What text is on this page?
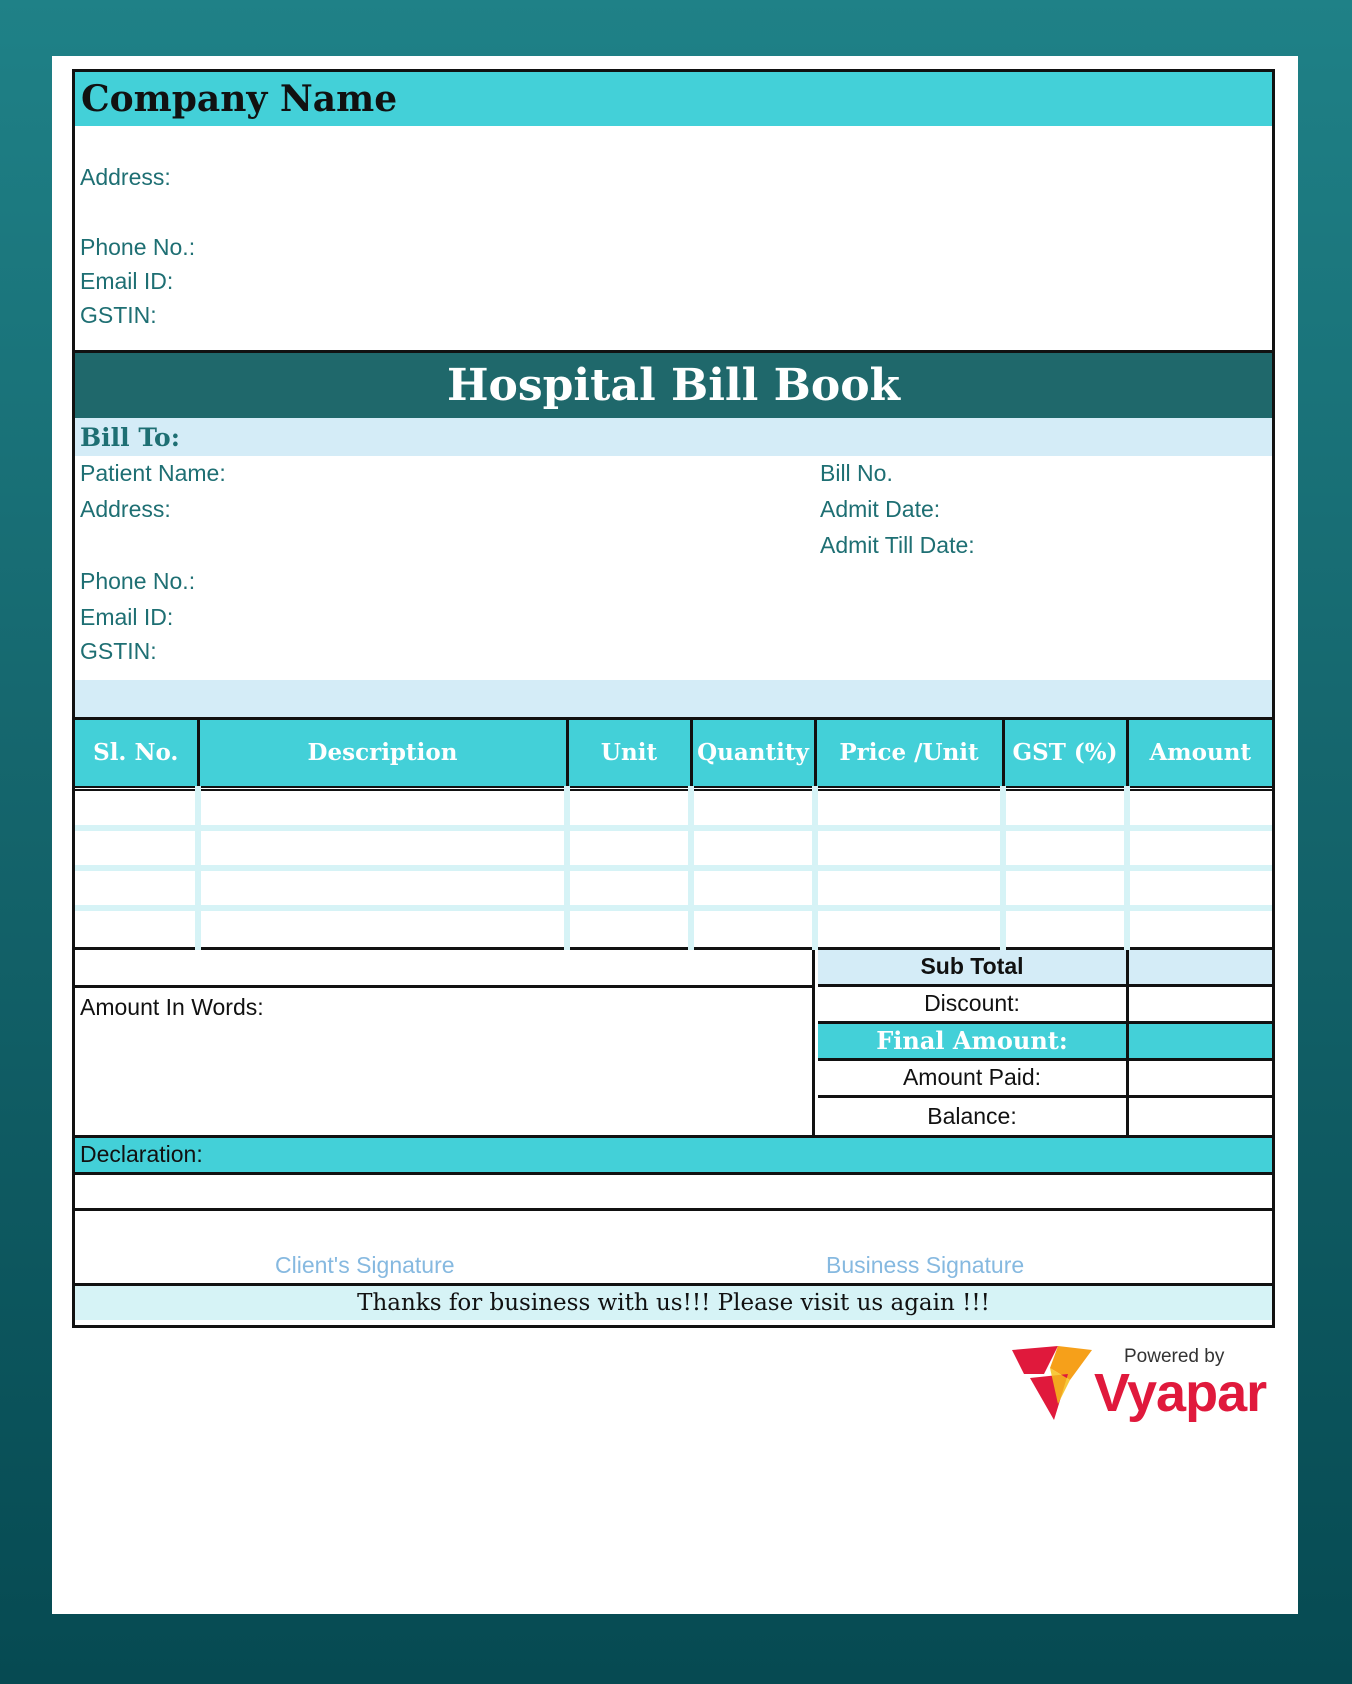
Company Name
Address:
Phone No.:
Email ID:
GSTIN:
Hospital Bill Book
Bill To:
Patient Name:
Address:
Phone No.:
Email ID:
GSTIN:
Bill No.
Admit Date:
Admit Till Date:
Sl. No.	Description	Unit	Quantity	Price /Unit	GST (%)	Amount

Amount In Words:
Sub Total
Discount:
Final Amount:
Amount Paid:
Balance:
Declaration:
Client's Signature	Business Signature
Thanks for business with us!!! Please visit us again !!!
Powered by
Vyapar
